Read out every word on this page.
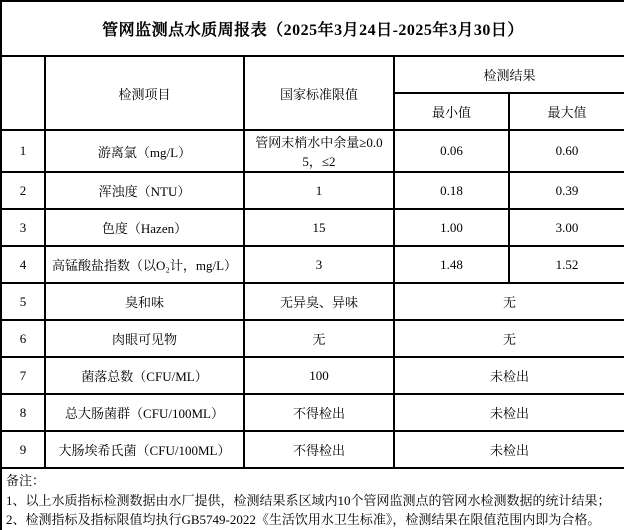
管网监测点水质周报表（2025年3月24日-2025年3月30日）				
	检测项目	国家标准限值	检测结果	
			最小值	最大值
1	游离氯（mg/L）	管网末梢水中余量≥0.05，≤2	0.06	0.60
2	浑浊度（NTU）	1	0.18	0.39
3	色度（Hazen）	15	1.00	3.00
4	高锰酸盐指数（以O₂计，mg/L）	3	1.48	1.52
5	臭和味	无异臭、异味	无	
6	肉眼可见物	无	无	
7	菌落总数（CFU/ML）	100	未检出	
8	总大肠菌群（CFU/100ML）	不得检出	未检出	
9	大肠埃希氏菌（CFU/100ML）	不得检出	未检出	

备注：
1、以上水质指标检测数据由水厂提供，检测结果系区域内10个管网监测点的管网水检测数据的统计结果；
2、检测指标及指标限值均执行GB5749-2022《生活饮用水卫生标准》，检测结果在限值范围内即为合格。				
